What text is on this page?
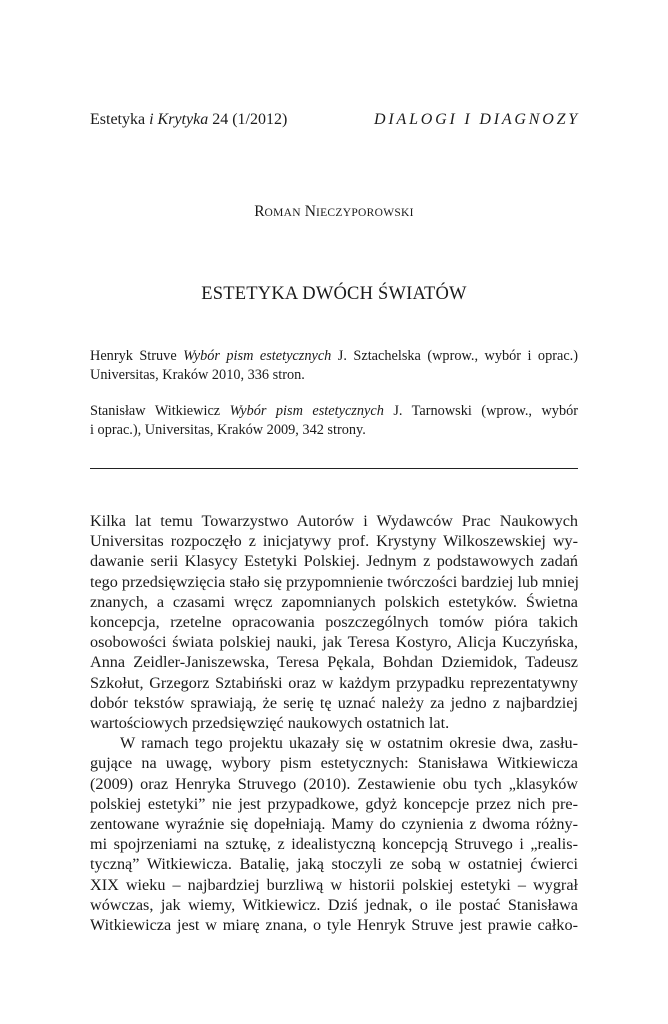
Estetyka i Krytyka 24 (1/2012)	DIALOGI I DIAGNOZY
ROMAN NIECZYPOROWSKI
ESTETYKA DWÓCH ŚWIATÓW
Henryk Struve Wybór pism estetycznych J. Sztachelska (wprow., wybór i oprac.)
Universitas, Kraków 2010, 336 stron.
Stanisław Witkiewicz Wybór pism estetycznych J. Tarnowski (wprow., wybór
i oprac.), Universitas, Kraków 2009, 342 strony.
Kilka lat temu Towarzystwo Autorów i Wydawców Prac Naukowych
Universitas rozpoczęło z inicjatywy prof. Krystyny Wilkoszewskiej wy-
dawanie serii Klasycy Estetyki Polskiej. Jednym z podstawowych zadań
tego przedsięwzięcia stało się przypomnienie twórczości bardziej lub mniej
znanych, a czasami wręcz zapomnianych polskich estetyków. Świetna
koncepcja, rzetelne opracowania poszczególnych tomów pióra takich
osobowości świata polskiej nauki, jak Teresa Kostyro, Alicja Kuczyńska,
Anna Zeidler-Janiszewska, Teresa Pękala, Bohdan Dziemidok, Tadeusz
Szkołut, Grzegorz Sztabiński oraz w każdym przypadku reprezentatywny
dobór tekstów sprawiają, że serię tę uznać należy za jedno z najbardziej
wartościowych przedsięwzięć naukowych ostatnich lat.
W ramach tego projektu ukazały się w ostatnim okresie dwa, zasłu-
gujące na uwagę, wybory pism estetycznych: Stanisława Witkiewicza
(2009) oraz Henryka Struvego (2010). Zestawienie obu tych „klasyków
polskiej estetyki” nie jest przypadkowe, gdyż koncepcje przez nich pre-
zentowane wyraźnie się dopełniają. Mamy do czynienia z dwoma różny-
mi spojrzeniami na sztukę, z idealistyczną koncepcją Struvego i „realis-
tyczną” Witkiewicza. Batalię, jaką stoczyli ze sobą w ostatniej ćwierci
XIX wieku – najbardziej burzliwą w historii polskiej estetyki – wygrał
wówczas, jak wiemy, Witkiewicz. Dziś jednak, o ile postać Stanisława
Witkiewicza jest w miarę znana, o tyle Henryk Struve jest prawie całko-
